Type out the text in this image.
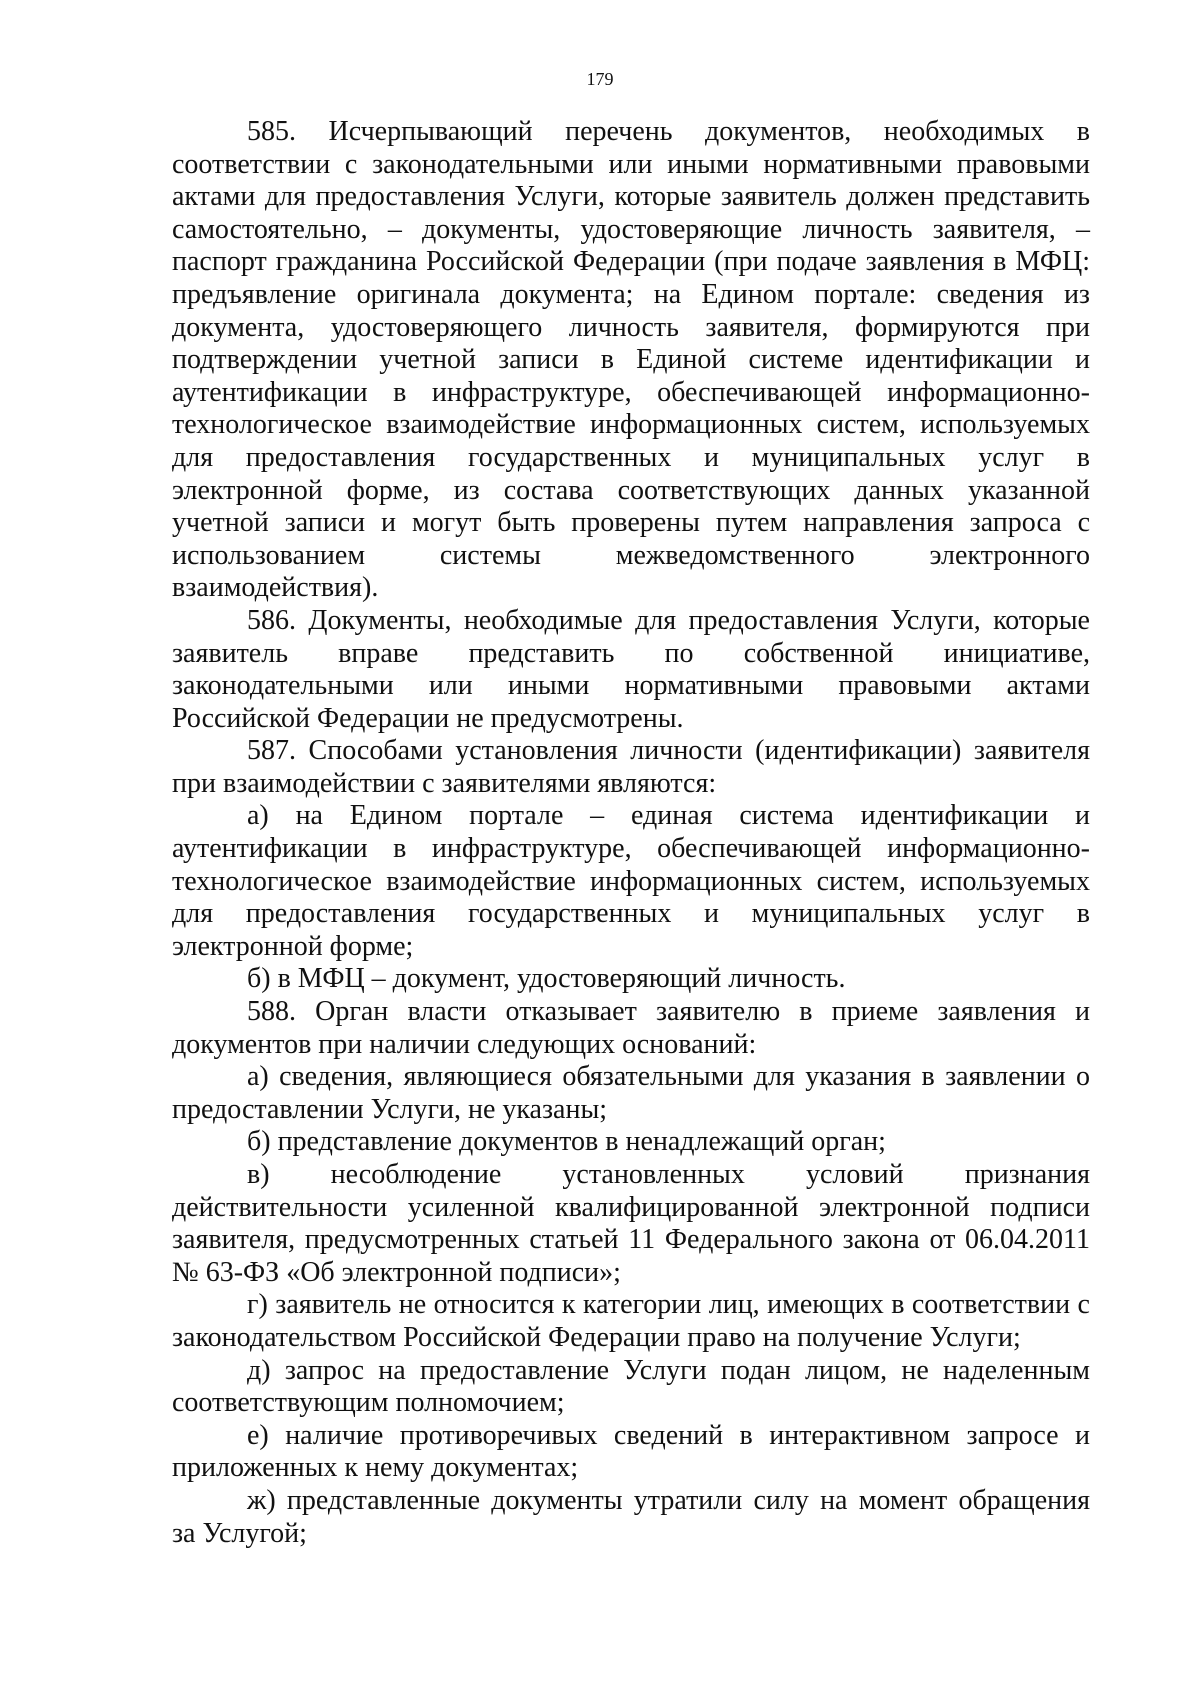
179

585. Исчерпывающий перечень документов, необходимых в соответствии с законодательными или иными нормативными правовыми актами для предоставления Услуги, которые заявитель должен представить самостоятельно, – документы, удостоверяющие личность заявителя, – паспорт гражданина Российской Федерации (при подаче заявления в МФЦ: предъявление оригинала документа; на Едином портале: сведения из документа, удостоверяющего личность заявителя, формируются при подтверждении учетной записи в Единой системе идентификации и аутентификации в инфраструктуре, обеспечивающей информационно-технологическое взаимодействие информационных систем, используемых для предоставления государственных и муниципальных услуг в электронной форме, из состава соответствующих данных указанной учетной записи и могут быть проверены путем направления запроса с использованием системы межведомственного электронного взаимодействия).

586. Документы, необходимые для предоставления Услуги, которые заявитель вправе представить по собственной инициативе, законодательными или иными нормативными правовыми актами Российской Федерации не предусмотрены.

587. Способами установления личности (идентификации) заявителя при взаимодействии с заявителями являются:

а) на Едином портале – единая система идентификации и аутентификации в инфраструктуре, обеспечивающей информационно-технологическое взаимодействие информационных систем, используемых для предоставления государственных и муниципальных услуг в электронной форме;

б) в МФЦ – документ, удостоверяющий личность.

588. Орган власти отказывает заявителю в приеме заявления и документов при наличии следующих оснований:

а) сведения, являющиеся обязательными для указания в заявлении о предоставлении Услуги, не указаны;

б) представление документов в ненадлежащий орган;

в) несоблюдение установленных условий признания действительности усиленной квалифицированной электронной подписи заявителя, предусмотренных статьей 11 Федерального закона от 06.04.2011 № 63-ФЗ «Об электронной подписи»;

г) заявитель не относится к категории лиц, имеющих в соответствии с законодательством Российской Федерации право на получение Услуги;

д) запрос на предоставление Услуги подан лицом, не наделенным соответствующим полномочием;

е) наличие противоречивых сведений в интерактивном запросе и приложенных к нему документах;

ж) представленные документы утратили силу на момент обращения за Услугой;
